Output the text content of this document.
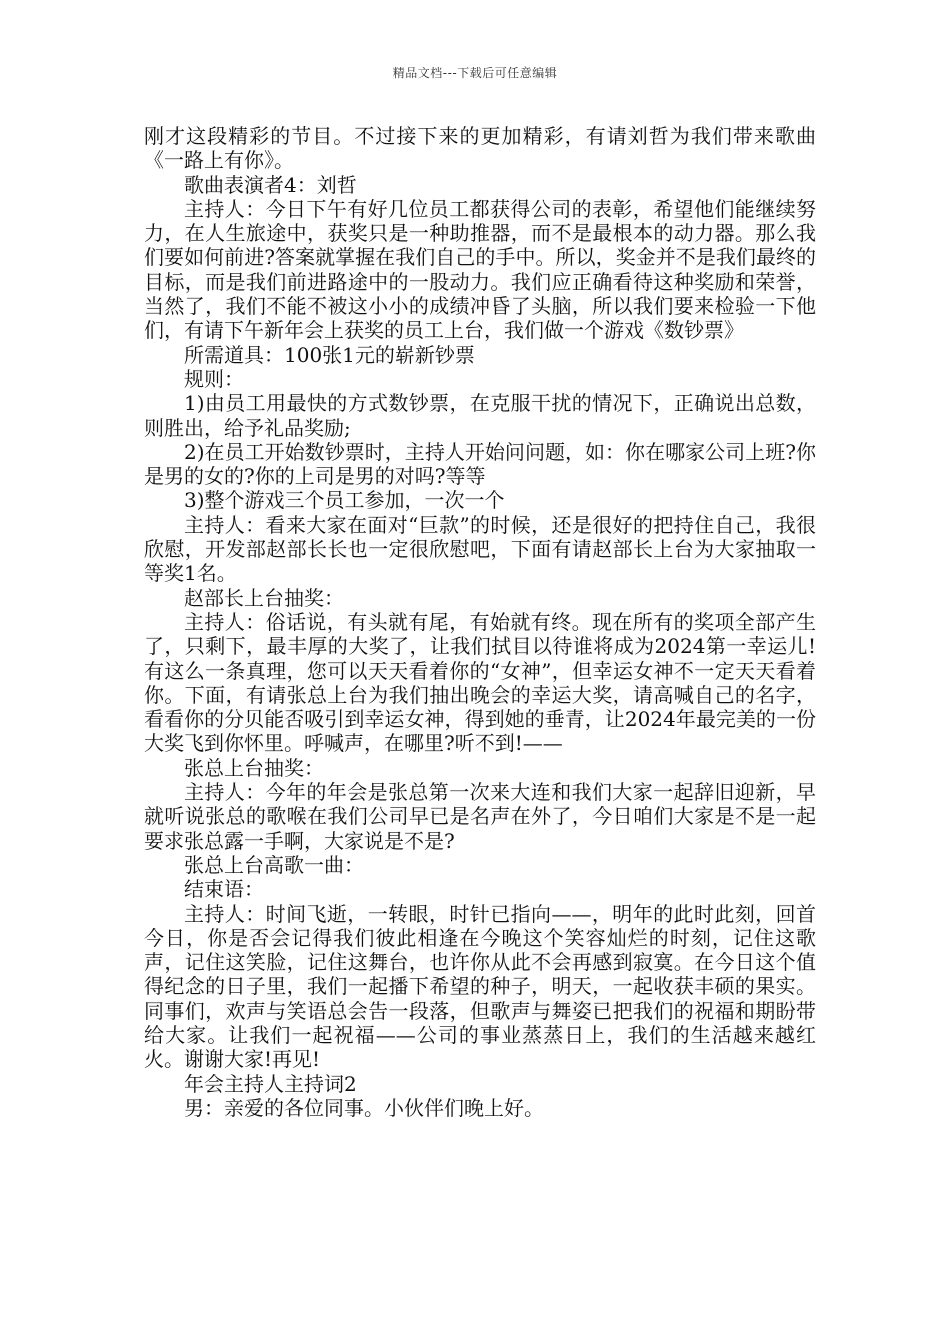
精品文档---下载后可任意编辑

刚才这段精彩的节目。不过接下来的更加精彩，有请刘哲为我们带来歌曲《一路上有你》。

歌曲表演者4：刘哲

主持人：今日下午有好几位员工都获得公司的表彰，希望他们能继续努力，在人生旅途中，获奖只是一种助推器，而不是最根本的动力器。那么我们要如何前进?答案就掌握在我们自己的手中。所以，奖金并不是我们最终的目标，而是我们前进路途中的一股动力。我们应正确看待这种奖励和荣誉，当然了，我们不能不被这小小的成绩冲昏了头脑，所以我们要来检验一下他们，有请下午新年会上获奖的员工上台，我们做一个游戏《数钞票》

所需道具：100张1元的崭新钞票

规则：

1)由员工用最快的方式数钞票，在克服干扰的情况下，正确说出总数，则胜出，给予礼品奖励;

2)在员工开始数钞票时，主持人开始问问题，如：你在哪家公司上班?你是男的女的?你的上司是男的对吗?等等

3)整个游戏三个员工参加，一次一个

主持人：看来大家在面对“巨款”的时候，还是很好的把持住自己，我很欣慰，开发部赵部长长也一定很欣慰吧，下面有请赵部长上台为大家抽取一等奖1名。

赵部长上台抽奖：

主持人：俗话说，有头就有尾，有始就有终。现在所有的奖项全部产生了，只剩下，最丰厚的大奖了，让我们拭目以待谁将成为2024第一幸运儿!有这么一条真理，您可以天天看着你的“女神”，但幸运女神不一定天天看着你。下面，有请张总上台为我们抽出晚会的幸运大奖，请高喊自己的名字，看看你的分贝能否吸引到幸运女神，得到她的垂青，让2024年最完美的一份大奖飞到你怀里。呼喊声，在哪里?听不到!——

张总上台抽奖：

主持人：今年的年会是张总第一次来大连和我们大家一起辞旧迎新，早就听说张总的歌喉在我们公司早已是名声在外了，今日咱们大家是不是一起要求张总露一手啊，大家说是不是?

张总上台高歌一曲：

结束语：

主持人：时间飞逝，一转眼，时针已指向——，明年的此时此刻，回首今日，你是否会记得我们彼此相逢在今晚这个笑容灿烂的时刻，记住这歌声，记住这笑脸，记住这舞台，也许你从此不会再感到寂寞。在今日这个值得纪念的日子里，我们一起播下希望的种子，明天，一起收获丰硕的果实。同事们，欢声与笑语总会告一段落，但歌声与舞姿已把我们的祝福和期盼带给大家。让我们一起祝福——公司的事业蒸蒸日上，我们的生活越来越红火。谢谢大家!再见!

年会主持人主持词2

男：亲爱的各位同事。小伙伴们晚上好。
